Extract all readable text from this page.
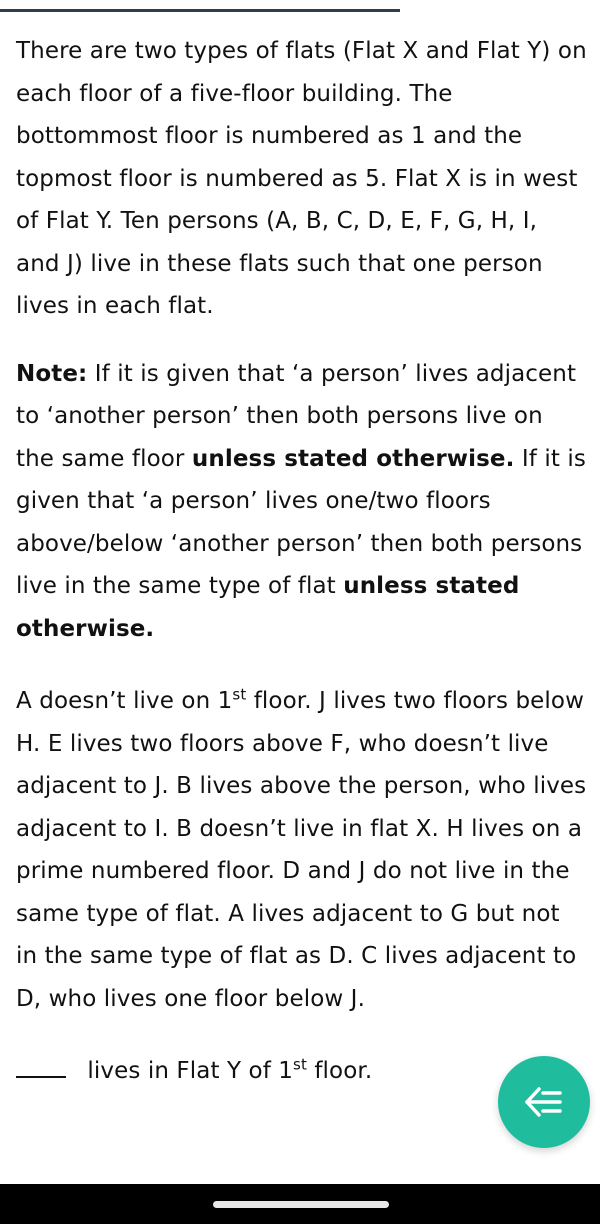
There are two types of flats (Flat X and Flat Y) on each floor of a five-floor building. The bottommost floor is numbered as 1 and the topmost floor is numbered as 5. Flat X is in west of Flat Y. Ten persons (A, B, C, D, E, F, G, H, I, and J) live in these flats such that one person lives in each flat.

Note: If it is given that ‘a person’ lives adjacent to ‘another person’ then both persons live on the same floor unless stated otherwise. If it is given that ‘a person’ lives one/two floors above/below ‘another person’ then both persons live in the same type of flat unless stated otherwise.

A doesn’t live on 1st floor. J lives two floors below H. E lives two floors above F, who doesn’t live adjacent to J. B lives above the person, who lives adjacent to I. B doesn’t live in flat X. H lives on a prime numbered floor. D and J do not live in the same type of flat. A lives adjacent to G but not in the same type of flat as D. C lives adjacent to D, who lives one floor below J.

lives in Flat Y of 1st floor.
